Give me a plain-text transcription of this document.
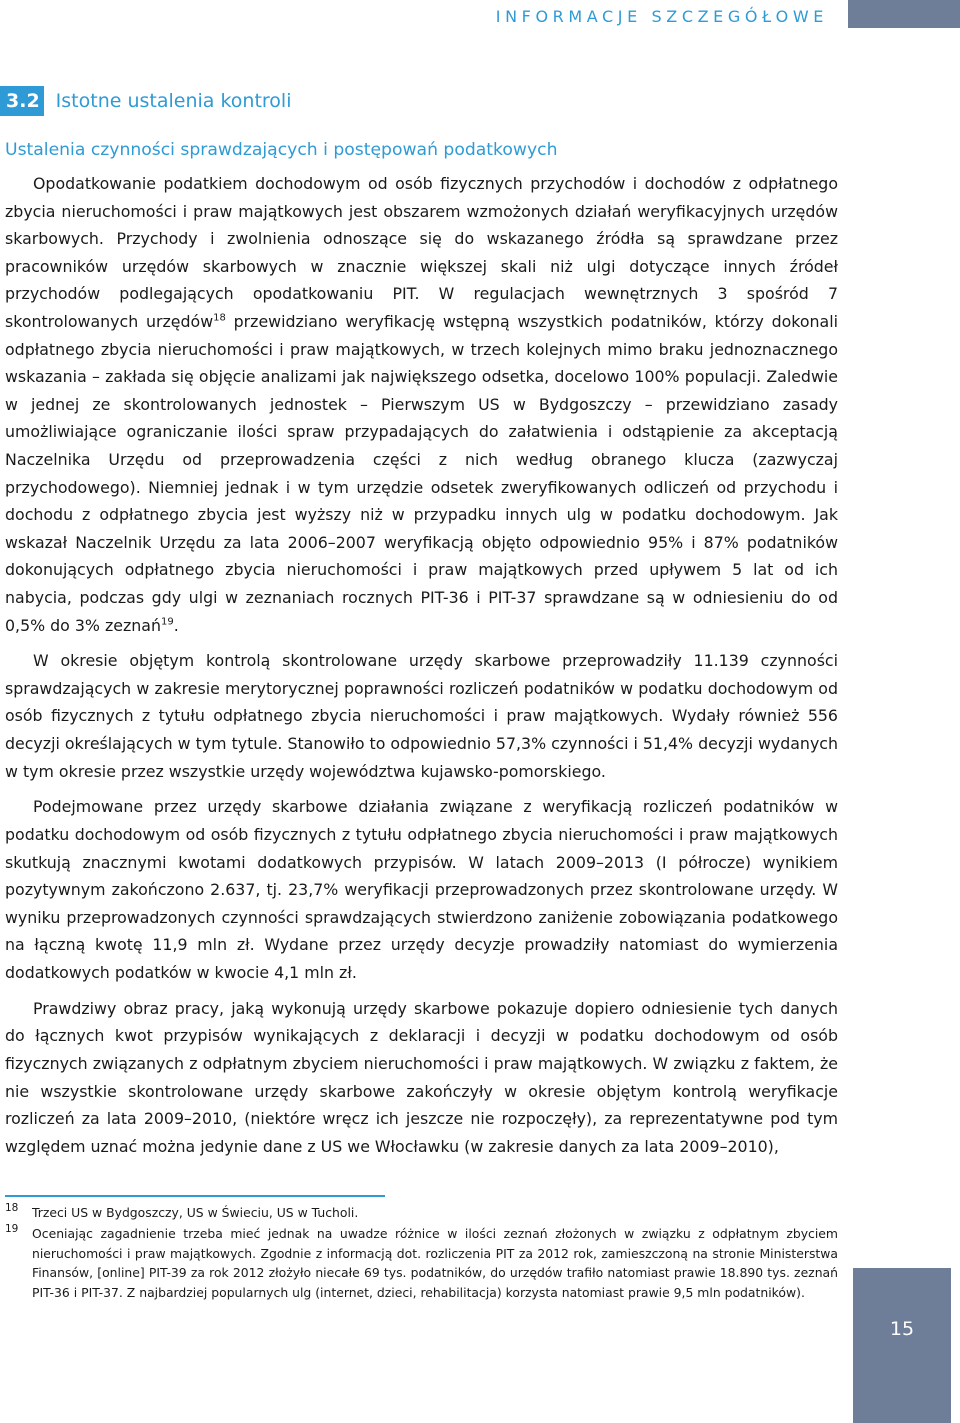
INFORMACJE SZCZEGÓŁOWE
3.2 Istotne ustalenia kontroli
Ustalenia czynności sprawdzających i postępowań podatkowych

Opodatkowanie podatkiem dochodowym od osób fizycznych przychodów i dochodów z odpłatnego zbycia nieruchomości i praw majątkowych jest obszarem wzmożonych działań weryfikacyjnych urzędów skarbowych. Przychody i zwolnienia odnoszące się do wskazanego źródła są sprawdzane przez pracowników urzędów skarbowych w znacznie większej skali niż ulgi dotyczące innych źródeł przychodów podlegających opodatkowaniu PIT. W regulacjach wewnętrznych 3 spośród 7 skontrolowanych urzędów$^{18}$ przewidziano weryfikację wstępną wszystkich podatników, którzy dokonali odpłatnego zbycia nieruchomości i praw majątkowych, w trzech kolejnych mimo braku jednoznacznego wskazania – zakłada się objęcie analizami jak największego odsetka, docelowo 100% populacji. Zaledwie w jednej ze skontrolowanych jednostek – Pierwszym US w Bydgoszczy – przewidziano zasady umożliwiające ograniczanie ilości spraw przypadających do załatwienia i odstąpienie za akceptacją Naczelnika Urzędu od przeprowadzenia części z nich według obranego klucza (zazwyczaj przychodowego). Niemniej jednak i w tym urzędzie odsetek zweryfikowanych odliczeń od przychodu i dochodu z odpłatnego zbycia jest wyższy niż w przypadku innych ulg w podatku dochodowym. Jak wskazał Naczelnik Urzędu za lata 2006–2007 weryfikacją objęto odpowiednio 95% i 87% podatników dokonujących odpłatnego zbycia nieruchomości i praw majątkowych przed upływem 5 lat od ich nabycia, podczas gdy ulgi w zeznaniach rocznych PIT-36 i PIT-37 sprawdzane są w odniesieniu do od 0,5% do 3% zeznań$^{19}$.

W okresie objętym kontrolą skontrolowane urzędy skarbowe przeprowadziły 11.139 czynności sprawdzających w zakresie merytorycznej poprawności rozliczeń podatników w podatku dochodowym od osób fizycznych z tytułu odpłatnego zbycia nieruchomości i praw majątkowych. Wydały również 556 decyzji określających w tym tytule. Stanowiło to odpowiednio 57,3% czynności i 51,4% decyzji wydanych w tym okresie przez wszystkie urzędy województwa kujawsko-pomorskiego.

Podejmowane przez urzędy skarbowe działania związane z weryfikacją rozliczeń podatników w podatku dochodowym od osób fizycznych z tytułu odpłatnego zbycia nieruchomości i praw majątkowych skutkują znacznymi kwotami dodatkowych przypisów. W latach 2009–2013 (I półrocze) wynikiem pozytywnym zakończono 2.637, tj. 23,7% weryfikacji przeprowadzonych przez skontrolowane urzędy. W wyniku przeprowadzonych czynności sprawdzających stwierdzono zaniżenie zobowiązania podatkowego na łączną kwotę 11,9 mln zł. Wydane przez urzędy decyzje prowadziły natomiast do wymierzenia dodatkowych podatków w kwocie 4,1 mln zł.

Prawdziwy obraz pracy, jaką wykonują urzędy skarbowe pokazuje dopiero odniesienie tych danych do łącznych kwot przypisów wynikających z deklaracji i decyzji w podatku dochodowym od osób fizycznych związanych z odpłatnym zbyciem nieruchomości i praw majątkowych. W związku z faktem, że nie wszystkie skontrolowane urzędy skarbowe zakończyły w okresie objętym kontrolą weryfikacje rozliczeń za lata 2009–2010, (niektóre wręcz ich jeszcze nie rozpoczęły), za reprezentatywne pod tym względem uznać można jedynie dane z US we Włocławku (w zakresie danych za lata 2009–2010),

18 Trzeci US w Bydgoszczy, US w Świeciu, US w Tucholi.
19 Oceniając zagadnienie trzeba mieć jednak na uwadze różnice w ilości zeznań złożonych w związku z odpłatnym zbyciem nieruchomości i praw majątkowych. Zgodnie z informacją dot. rozliczenia PIT za 2012 rok, zamieszczoną na stronie Ministerstwa Finansów, [online] PIT-39 za rok 2012 złożyło niecałe 69 tys. podatników, do urzędów trafiło natomiast prawie 18.890 tys. zeznań PIT-36 i PIT-37. Z najbardziej popularnych ulg (internet, dzieci, rehabilitacja) korzysta natomiast prawie 9,5 mln podatników).
15
